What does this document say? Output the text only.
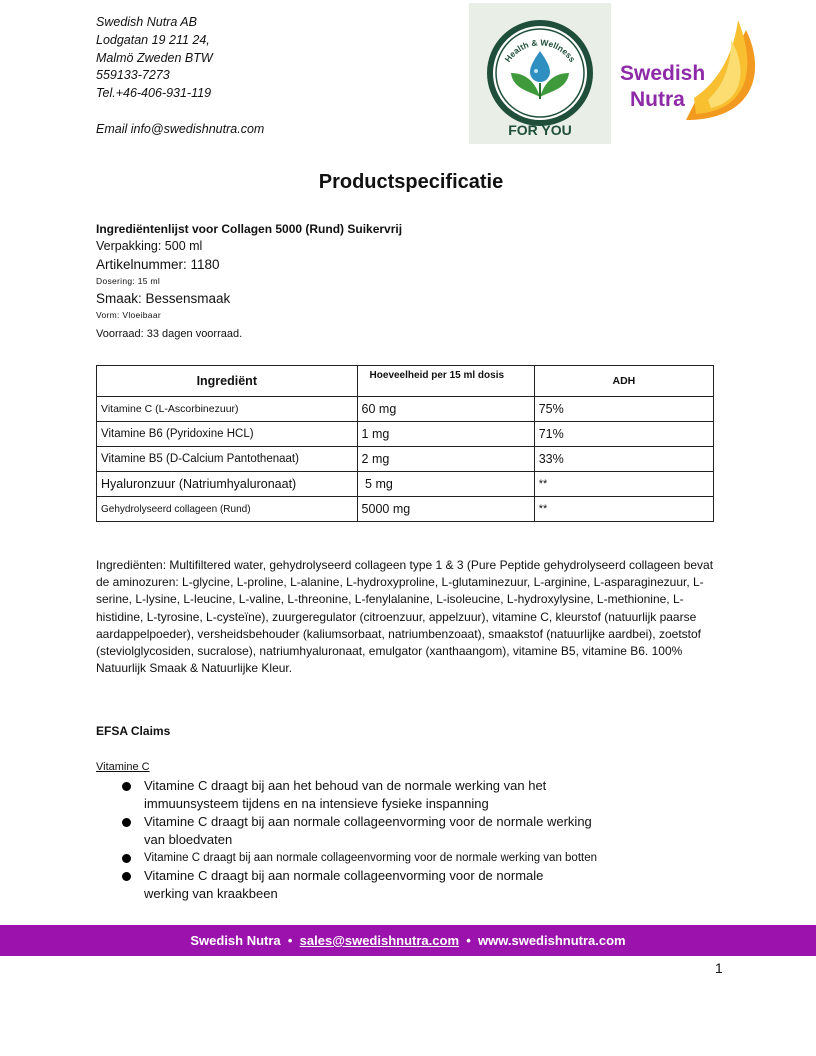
Swedish Nutra AB
Lodgatan 19 211 24,
Malmö Zweden BTW
559133-7273
Tel.+46-406-931-119
Email info@swedishnutra.com
Health & Wellness
FOR YOU
Swedish
Nutra
Productspecificatie
Ingrediëntenlijst voor Collagen 5000 (Rund) Suikervrij
Verpakking: 500 ml
Artikelnummer: 1180
Dosering: 15 ml
Smaak: Bessensmaak
Vorm: Vloeibaar
Voorraad: 33 dagen voorraad.
Ingrediënt	Hoeveelheid per 15 ml dosis	ADH
Vitamine C (L-Ascorbinezuur)	60 mg	75%
Vitamine B6 (Pyridoxine HCL)	1 mg	71%
Vitamine B5 (D-Calcium Pantothenaat)	2 mg	33%
Hyaluronzuur (Natriumhyaluronaat)	5 mg	**
Gehydrolyseerd collageen (Rund)	5000 mg	**
Ingrediënten: Multifiltered water, gehydrolyseerd collageen type 1 & 3 (Pure Peptide gehydrolyseerd collageen bevat de aminozuren: L-glycine, L-proline, L-alanine, L-hydroxyproline, L-glutaminezuur, L-arginine, L-asparaginezuur, L-serine, L-lysine, L-leucine, L-valine, L-threonine, L-fenylalanine, L-isoleucine, L-hydroxylysine, L-methionine, L-histidine, L-tyrosine, L-cysteïne), zuurgeregulator (citroenzuur, appelzuur), vitamine C, kleurstof (natuurlijk paarse aardappelpoeder), versheidsbehouder (kaliumsorbaat, natriumbenzoaat), smaakstof (natuurlijke aardbei), zoetstof (steviolglycosiden, sucralose), natriumhyaluronaat, emulgator (xanthaangom), vitamine B5, vitamine B6. 100% Natuurlijk Smaak & Natuurlijke Kleur.
EFSA Claims
Vitamine C
Vitamine C draagt bij aan het behoud van de normale werking van het
immuunsysteem tijdens en na intensieve fysieke inspanning
Vitamine C draagt bij aan normale collageenvorming voor de normale werking
van bloedvaten
Vitamine C draagt bij aan normale collageenvorming voor de normale werking van botten
Vitamine C draagt bij aan normale collageenvorming voor de normale
werking van kraakbeen
Swedish Nutra • sales@swedishnutra.com • www.swedishnutra.com
1
